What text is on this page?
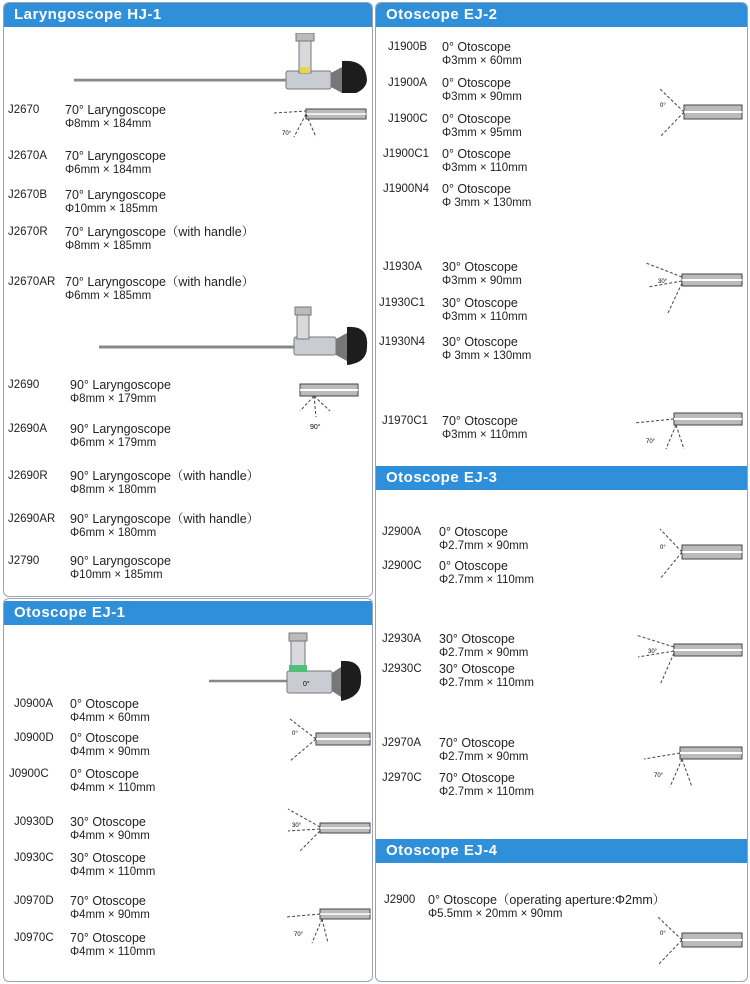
Laryngoscope HJ-1
70°
90°
J2670 70° Laryngoscope
Φ8mm × 184mm
J2670A 70° Laryngoscope
Φ6mm × 184mm
J2670B 70° Laryngoscope
Φ10mm × 185mm
J2670R 70° Laryngoscope（with handle）
Φ8mm × 185mm
J2670AR 70° Laryngoscope（with handle）
Φ6mm × 185mm
J2690 90° Laryngoscope
Φ8mm × 179mm
J2690A 90° Laryngoscope
Φ6mm × 179mm
J2690R 90° Laryngoscope（with handle）
Φ8mm × 180mm
J2690AR 90° Laryngoscope（with handle）
Φ6mm × 180mm
J2790 90° Laryngoscope
Φ10mm × 185mm
Otoscope EJ-1
0°
0°
30°
70°
J0900A 0° Otoscope
Φ4mm × 60mm
J0900D 0° Otoscope
Φ4mm × 90mm
J0900C 0° Otoscope
Φ4mm × 110mm
J0930D 30° Otoscope
Φ4mm × 90mm
J0930C 30° Otoscope
Φ4mm × 110mm
J0970D 70° Otoscope
Φ4mm × 90mm
J0970C 70° Otoscope
Φ4mm × 110mm
Otoscope EJ-2
Otoscope EJ-3
Otoscope EJ-4
0°
30°
70°
0°
30°
70°
0°
J1900B 0° Otoscope
Φ3mm × 60mm
J1900A 0° Otoscope
Φ3mm × 90mm
J1900C 0° Otoscope
Φ3mm × 95mm
J1900C1 0° Otoscope
Φ3mm × 110mm
J1900N4 0° Otoscope
Φ 3mm × 130mm
J1930A 30° Otoscope
Φ3mm × 90mm
J1930C1 30° Otoscope
Φ3mm × 110mm
J1930N4 30° Otoscope
Φ 3mm × 130mm
J1970C1 70° Otoscope
Φ3mm × 110mm
J2900A 0° Otoscope
Φ2.7mm × 90mm
J2900C 0° Otoscope
Φ2.7mm × 110mm
J2930A 30° Otoscope
Φ2.7mm × 90mm
J2930C 30° Otoscope
Φ2.7mm × 110mm
J2970A 70° Otoscope
Φ2.7mm × 90mm
J2970C 70° Otoscope
Φ2.7mm × 110mm
J2900 0° Otoscope（operating aperture:Φ2mm）
Φ5.5mm × 20mm × 90mm
